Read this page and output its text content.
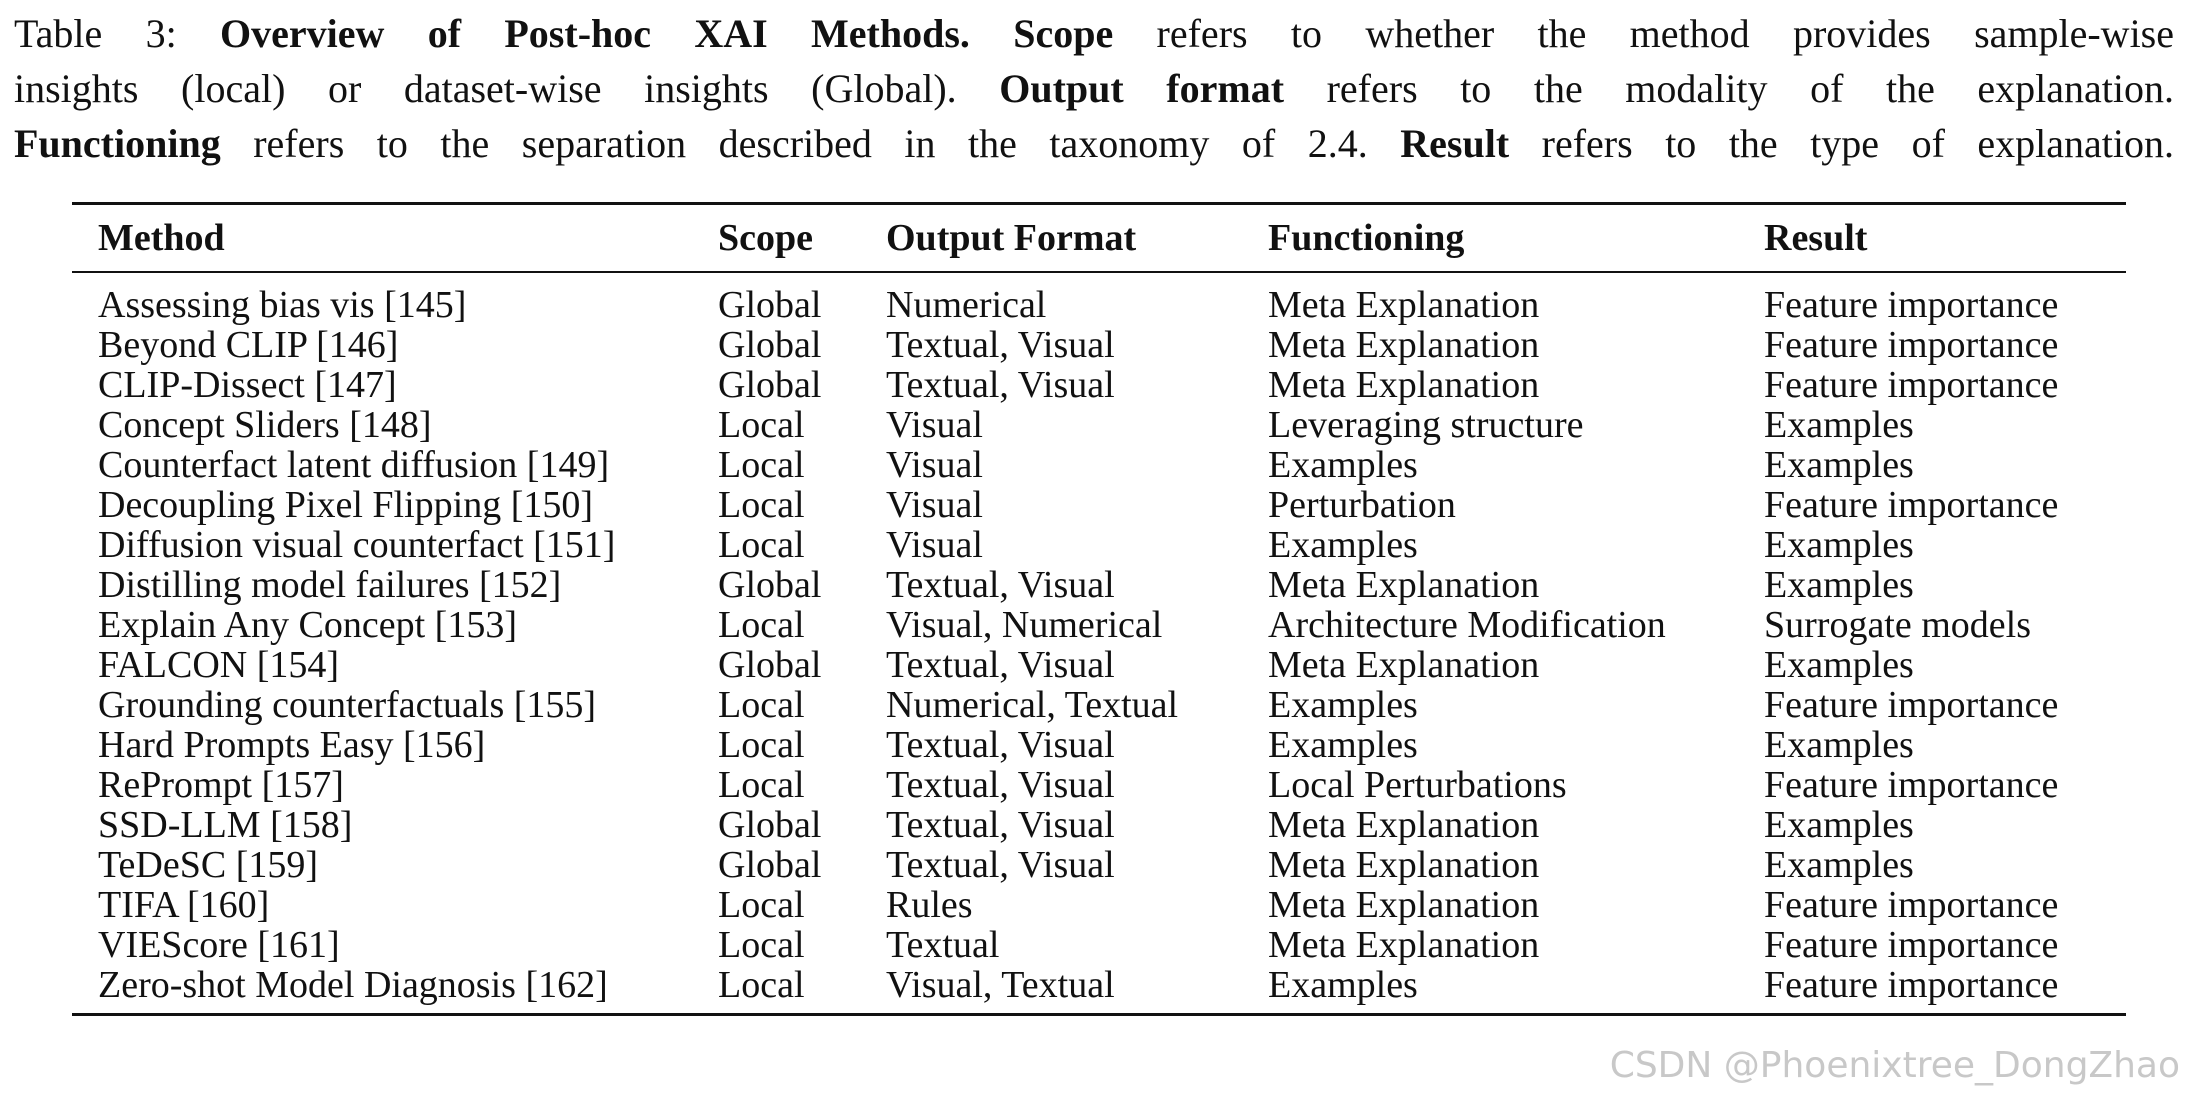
Table 3: Overview of Post-hoc XAI Methods. Scope refers to whether the method provides sample-wise
insights (local) or dataset-wise insights (Global). Output format refers to the modality of the explanation.
Functioning refers to the separation described in the taxonomy of 2.4. Result refers to the type of explanation.
Method	Scope	Output Format	Functioning	Result
Assessing bias vis [145]	Global	Numerical	Meta Explanation	Feature importance
Beyond CLIP [146]	Global	Textual, Visual	Meta Explanation	Feature importance
CLIP-Dissect [147]	Global	Textual, Visual	Meta Explanation	Feature importance
Concept Sliders [148]	Local	Visual	Leveraging structure	Examples
Counterfact latent diffusion [149]	Local	Visual	Examples	Examples
Decoupling Pixel Flipping [150]	Local	Visual	Perturbation	Feature importance
Diffusion visual counterfact [151]	Local	Visual	Examples	Examples
Distilling model failures [152]	Global	Textual, Visual	Meta Explanation	Examples
Explain Any Concept [153]	Local	Visual, Numerical	Architecture Modification	Surrogate models
FALCON [154]	Global	Textual, Visual	Meta Explanation	Examples
Grounding counterfactuals [155]	Local	Numerical, Textual	Examples	Feature importance
Hard Prompts Easy [156]	Local	Textual, Visual	Examples	Examples
RePrompt [157]	Local	Textual, Visual	Local Perturbations	Feature importance
SSD-LLM [158]	Global	Textual, Visual	Meta Explanation	Examples
TeDeSC [159]	Global	Textual, Visual	Meta Explanation	Examples
TIFA [160]	Local	Rules	Meta Explanation	Feature importance
VIEScore [161]	Local	Textual	Meta Explanation	Feature importance
Zero-shot Model Diagnosis [162]	Local	Visual, Textual	Examples	Feature importance
CSDN @Phoenixtree_DongZhao
